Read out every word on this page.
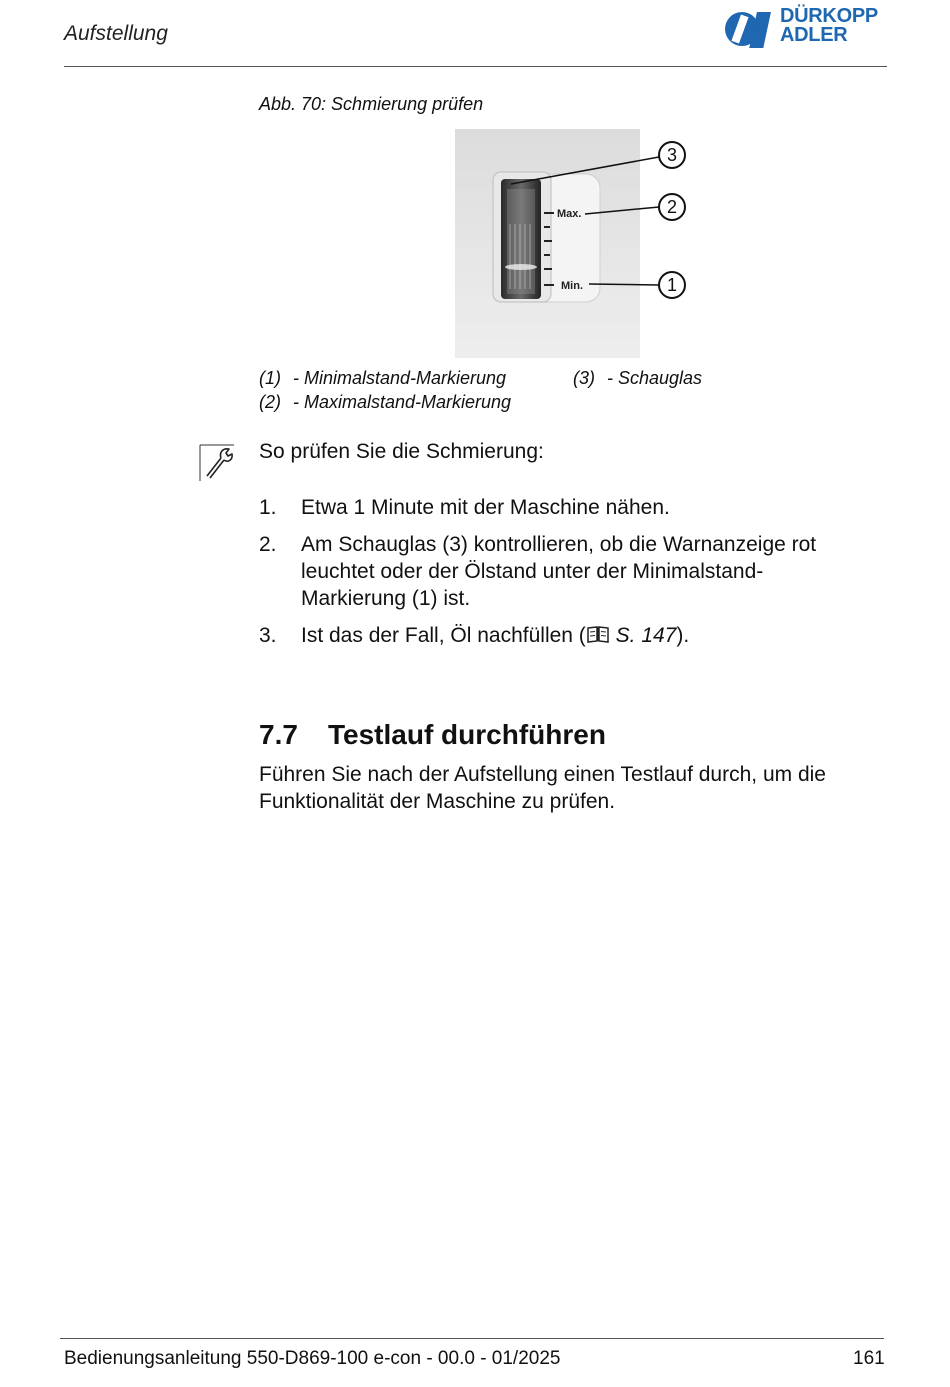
Aufstellung
DÜRKOPP
ADLER
Abb. 70: Schmierung prüfen
Max.
Min.
3
2
1
(1) - Minimalstand-Markierung
(2) - Maximalstand-Markierung
(3) - Schauglas
So prüfen Sie die Schmierung:
1. Etwa 1 Minute mit der Maschine nähen.
2. Am Schauglas (3) kontrollieren, ob die Warnanzeige rot leuchtet oder der Ölstand unter der Minimalstand-Markierung (1) ist.
3. Ist das der Fall, Öl nachfüllen ( S. 147).
7.7 Testlauf durchführen
Führen Sie nach der Aufstellung einen Testlauf durch, um die Funktionalität der Maschine zu prüfen.
Bedienungsanleitung 550-D869-100 e-con - 00.0 - 01/2025	161
